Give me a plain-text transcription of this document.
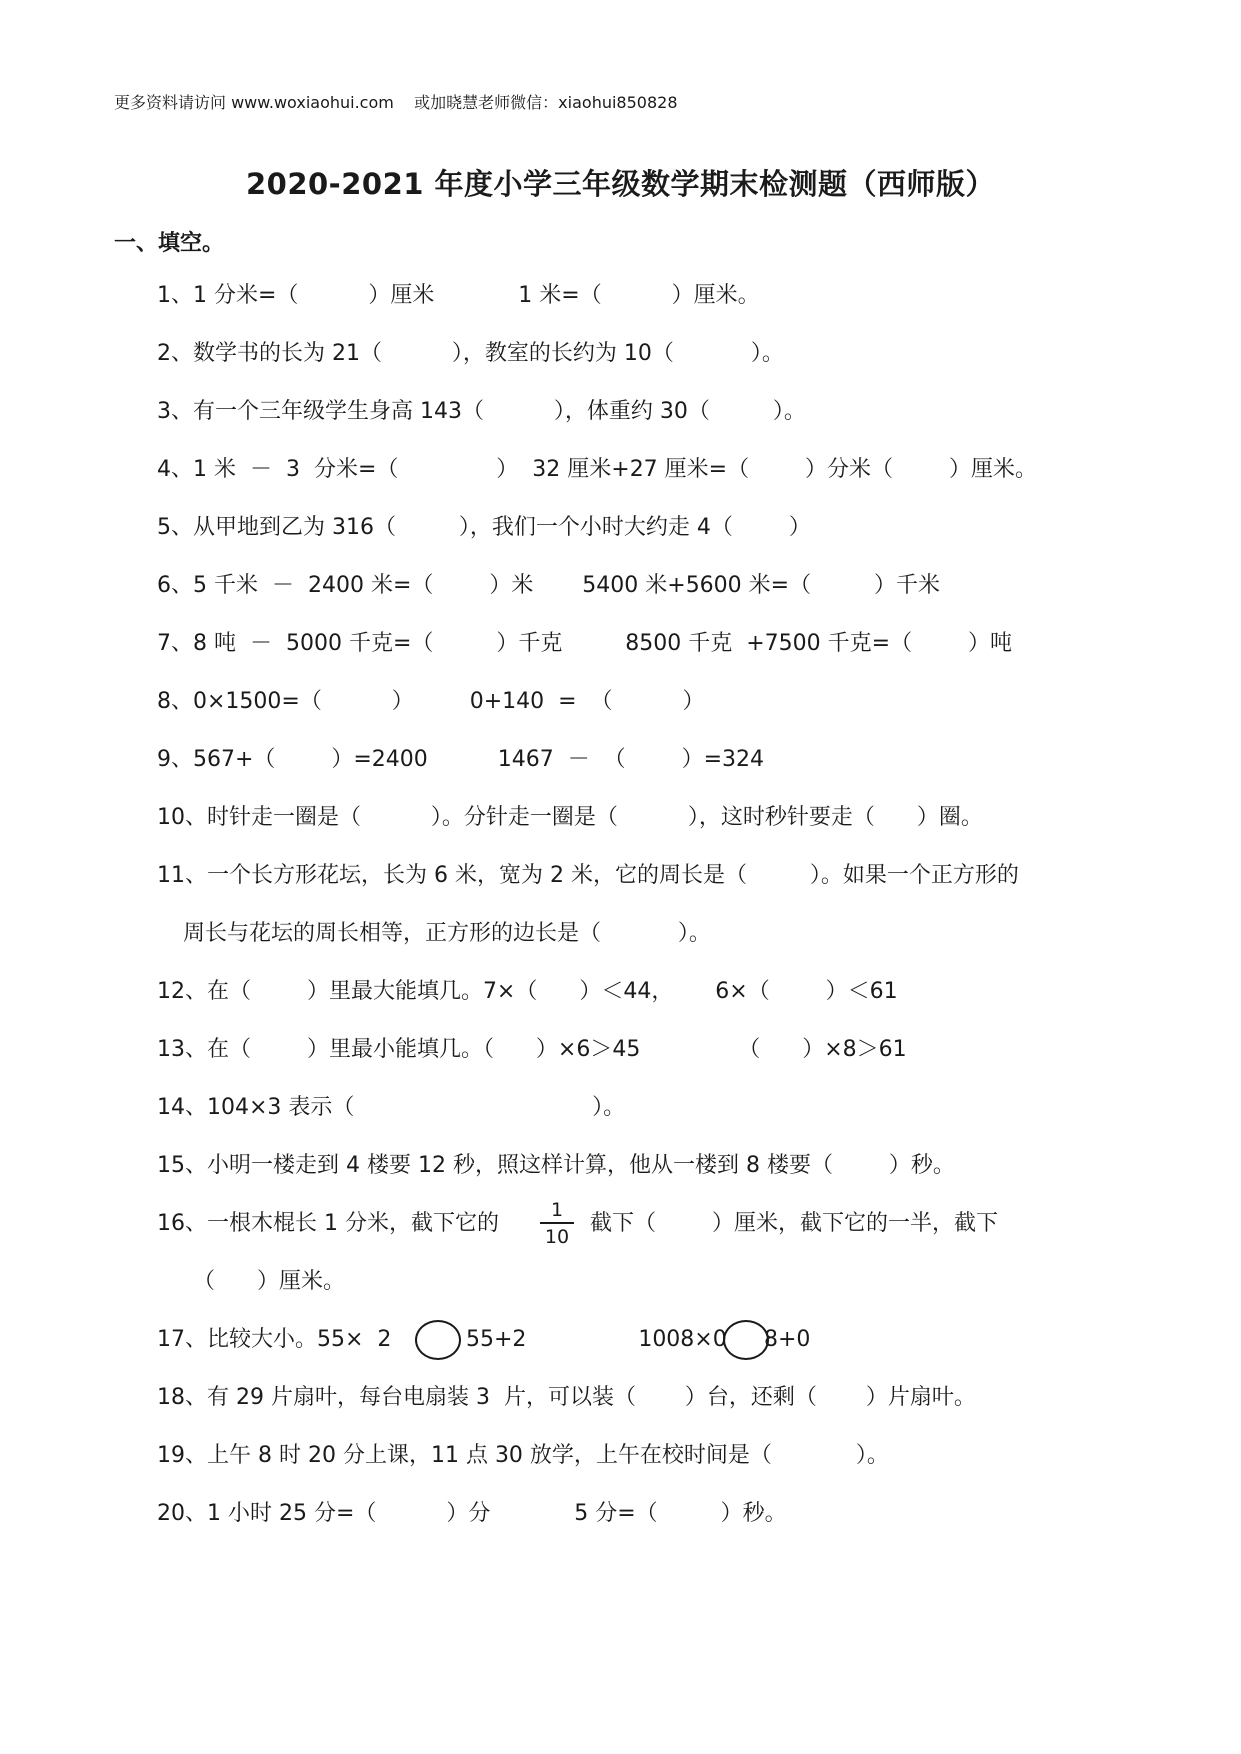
更多资料请访问 www.woxiaohui.com    或加晓慧老师微信：xiaohui850828
2020-2021 年度小学三年级数学期末检测题（西师版）
一、填空。
1、1 分米=（          ）厘米            1 米=（          ）厘米。
2、数学书的长为 21（          ），教室的长约为 10（           ）。
3、有一个三年级学生身高 143（          ），体重约 30（         ）。
4、1 米  －  3  分米=（              ）  32 厘米+27 厘米=（        ）分米（        ）厘米。
5、从甲地到乙为 316（         ），我们一个小时大约走 4（        ）
6、5 千米  －  2400 米=（        ）米       5400 米+5600 米=（         ）千米
7、8 吨  －  5000 千克=（         ）千克         8500 千克  +7500 千克=（        ）吨
8、0×1500=（          ）        0+140  =  （          ）
9、567+（        ）=2400          1467  －  （        ）=324
10、时针走一圈是（          ）。分针走一圈是（          ），这时秒针要走（      ）圈。
11、一个长方形花坛，长为 6 米，宽为 2 米，它的周长是（         ）。如果一个正方形的
周长与花坛的周长相等，正方形的边长是（           ）。
12、在（        ）里最大能填几。7×（      ）＜44，      6×（        ）＜61
13、在（        ）里最小能填几。（      ）×6＞45              （      ）×8＞61
14、104×3 表示（                                  ）。
15、小明一楼走到 4 楼要 12 秒，照这样计算，他从一楼到 8 楼要（        ）秒。
16、一根木棍长 1 分米，截下它的
1
10
截下（        ）厘米，截下它的一半，截下
（      ）厘米。
17、比较大小。55×  2	55+2                1008×0 8+0
18、有 29 片扇叶，每台电扇装 3  片，可以装（       ）台，还剩（       ）片扇叶。
19、上午 8 时 20 分上课，11 点 30 放学，上午在校时间是（            ）。
20、1 小时 25 分=（          ）分            5 分=（         ）秒。
